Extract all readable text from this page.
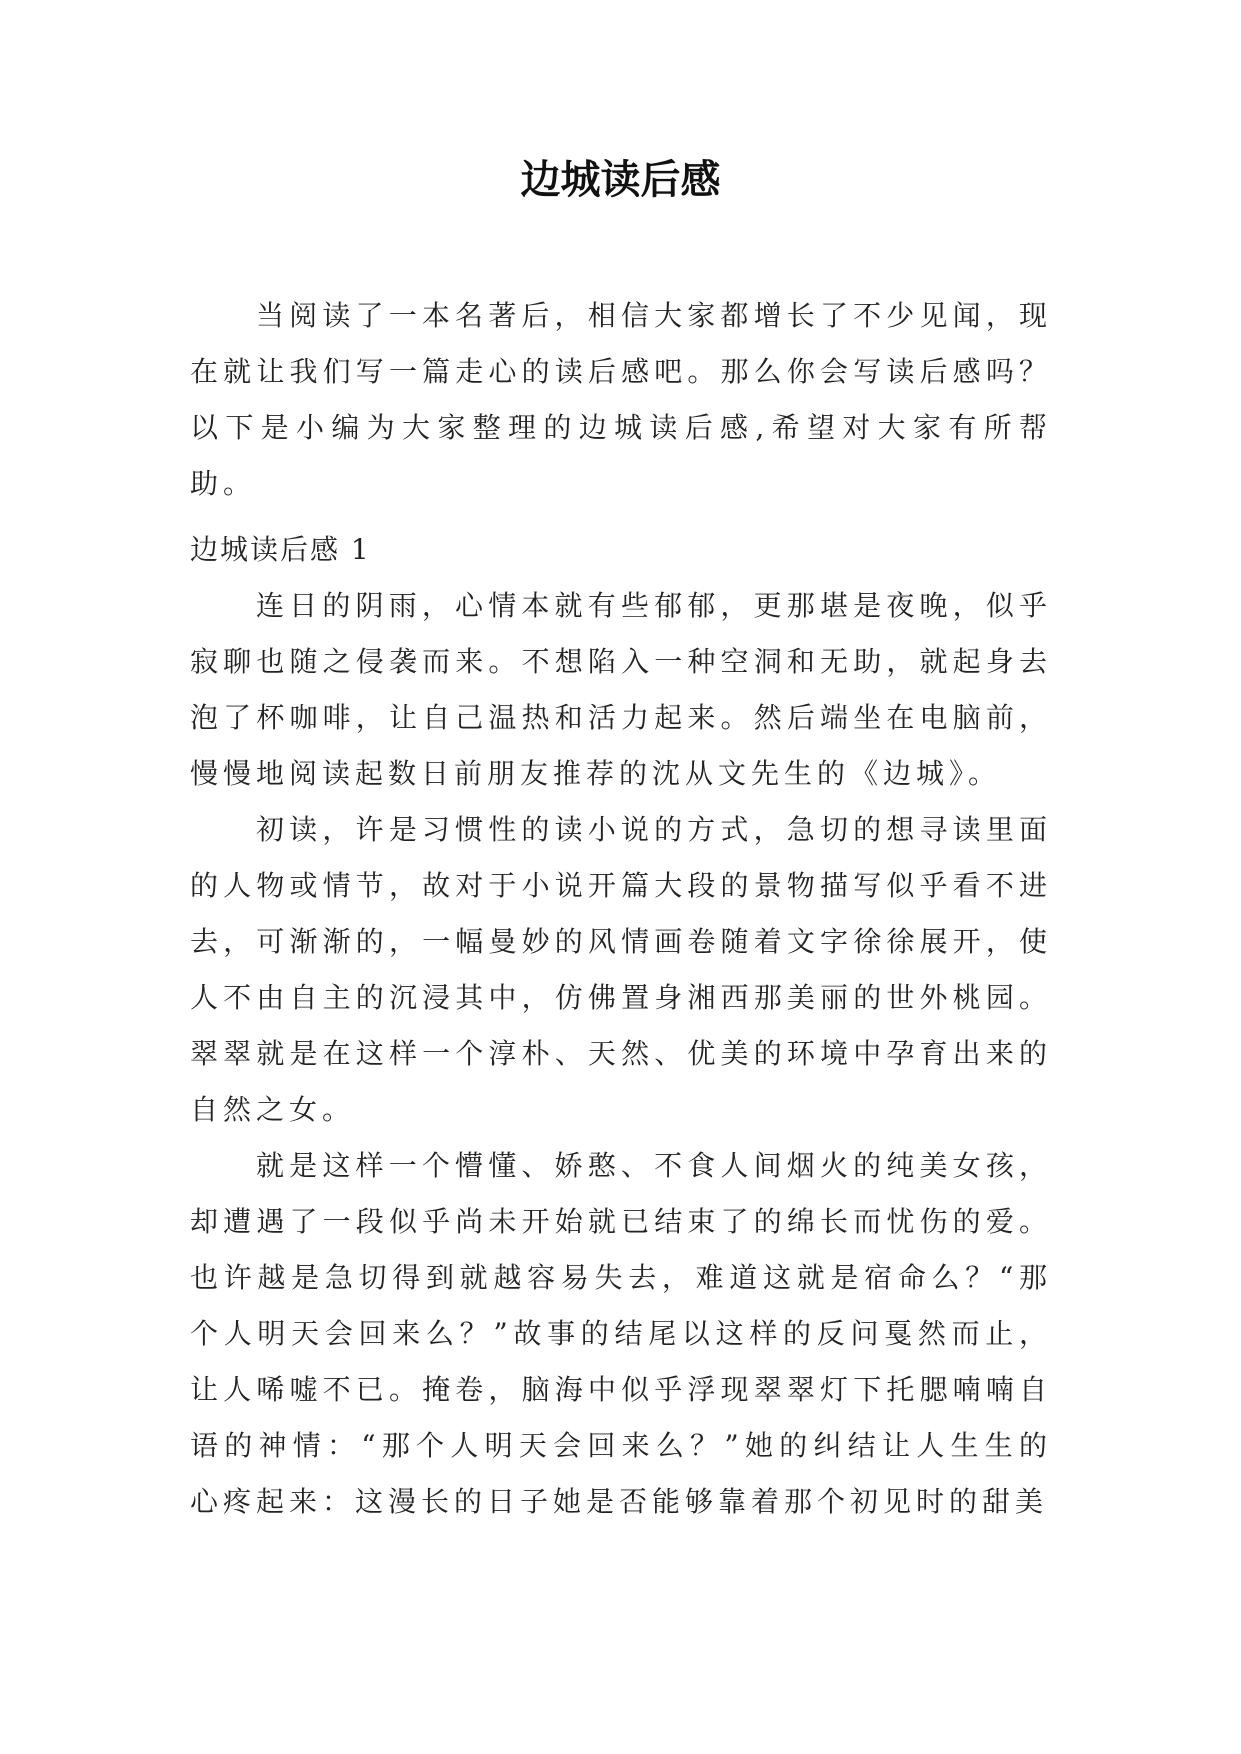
边城读后感

当阅读了一本名著后，相信大家都增长了不少见闻，现在就让我们写一篇走心的读后感吧。那么你会写读后感吗？以下是小编为大家整理的边城读后感,希望对大家有所帮助。

边城读后感 1

连日的阴雨，心情本就有些郁郁，更那堪是夜晚，似乎寂聊也随之侵袭而来。不想陷入一种空洞和无助，就起身去泡了杯咖啡，让自己温热和活力起来。然后端坐在电脑前，慢慢地阅读起数日前朋友推荐的沈从文先生的《边城》。

初读，许是习惯性的读小说的方式，急切的想寻读里面的人物或情节，故对于小说开篇大段的景物描写似乎看不进去，可渐渐的，一幅曼妙的风情画卷随着文字徐徐展开，使人不由自主的沉浸其中，仿佛置身湘西那美丽的世外桃园。翠翠就是在这样一个淳朴、天然、优美的环境中孕育出来的自然之女。

就是这样一个懵懂、娇憨、不食人间烟火的纯美女孩，却遭遇了一段似乎尚未开始就已结束了的绵长而忧伤的爱。也许越是急切得到就越容易失去，难道这就是宿命么？“那个人明天会回来么？”故事的结尾以这样的反问戛然而止，让人唏嘘不已。掩卷，脑海中似乎浮现翠翠灯下托腮喃喃自语的神情：“那个人明天会回来么？”她的纠结让人生生的心疼起来：这漫长的日子她是否能够靠着那个初见时的甜美
